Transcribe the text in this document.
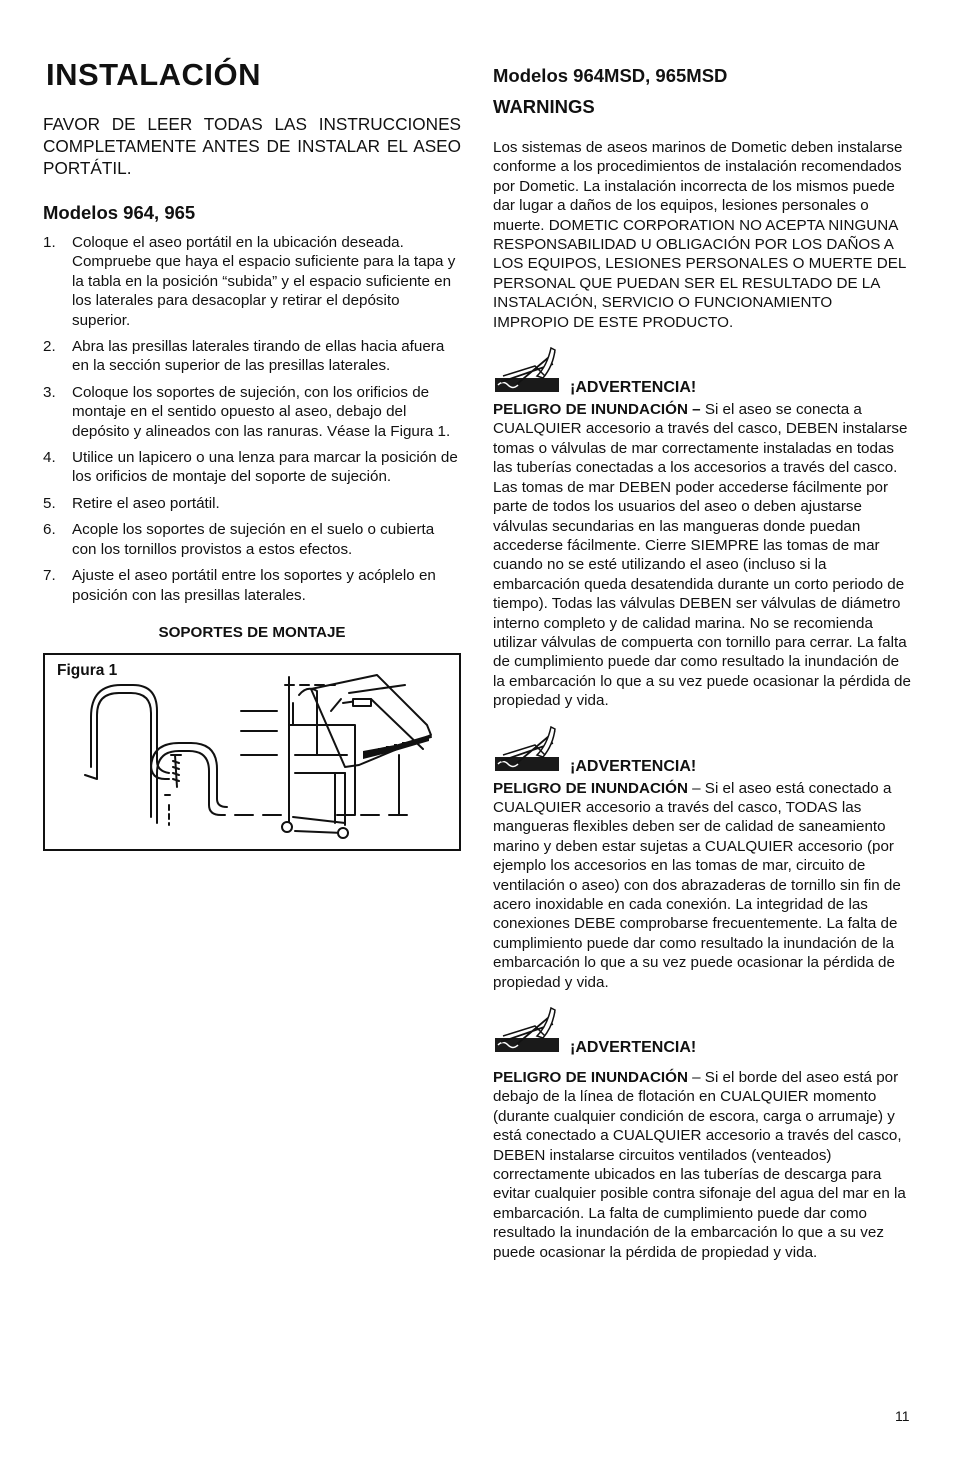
INSTALACIÓN

FAVOR DE LEER TODAS LAS INSTRUCCIONES COMPLETAMENTE ANTES DE INSTALAR EL ASEO PORTÁTIL.

Modelos 964, 965
1. Coloque el aseo portátil en la ubicación deseada. Compruebe que haya el espacio suficiente para la tapa y la tabla en la posición “subida” y el espacio suficiente en los laterales para desacoplar y retirar el depósito superior.
2. Abra las presillas laterales tirando de ellas hacia afuera en la sección superior de las presillas laterales.
3. Coloque los soportes de sujeción, con los orificios de montaje en el sentido opuesto al aseo, debajo del depósito y alineados con las ranuras. Véase la Figura 1.
4. Utilice un lapicero o una lenza para marcar la posición de los orificios de montaje del soporte de sujeción.
5. Retire el aseo portátil.
6. Acople los soportes de sujeción en el suelo o cubierta con los tornillos provistos a estos efectos.
7. Ajuste el aseo portátil entre los soportes y acóplelo en posición con las presillas laterales.
SOPORTES DE MONTAJE
Figura 1
Modelos 964MSD, 965MSD
WARNINGS

Los sistemas de aseos marinos de Dometic deben instalarse conforme a los procedimientos de instalación recomendados por Dometic. La instalación incorrecta de los mismos puede dar lugar a daños de los equipos, lesiones personales o muerte. DOMETIC CORPORATION NO ACEPTA NINGUNA RESPONSABILIDAD U OBLIGACIÓN POR LOS DAÑOS A LOS EQUIPOS, LESIONES PERSONALES O MUERTE DEL PERSONAL QUE PUEDAN SER EL RESULTADO DE LA INSTALACIÓN, SERVICIO O FUNCIONAMIENTO IMPROPIO DE ESTE PRODUCTO.

¡ADVERTENCIA!

PELIGRO DE INUNDACIÓN – Si el aseo se conecta a CUALQUIER accesorio a través del casco, DEBEN instalarse tomas o válvulas de mar correctamente instaladas en todas las tuberías conectadas a los accesorios a través del casco. Las tomas de mar DEBEN poder accederse fácilmente por parte de todos los usuarios del aseo o deben ajustarse válvulas secundarias en las mangueras donde puedan accederse fácilmente. Cierre SIEMPRE las tomas de mar cuando no se esté utilizando el aseo (incluso si la embarcación queda desatendida durante un corto periodo de tiempo). Todas las válvulas DEBEN ser válvulas de diámetro interno completo y de calidad marina. No se recomienda utilizar válvulas de compuerta con tornillo para cerrar. La falta de cumplimiento puede dar como resultado la inundación de la embarcación lo que a su vez puede ocasionar la pérdida de propiedad y vida.

¡ADVERTENCIA!

PELIGRO DE INUNDACIÓN – Si el aseo está conectado a CUALQUIER accesorio a través del casco, TODAS las mangueras flexibles deben ser de calidad de saneamiento marino y deben estar sujetas a CUALQUIER accesorio (por ejemplo los accesorios en las tomas de mar, circuito de ventilación o aseo) con dos abrazaderas de tornillo sin fin de acero inoxidable en cada conexión. La integridad de las conexiones DEBE comprobarse frecuentemente. La falta de cumplimiento puede dar como resultado la inundación de la embarcación lo que a su vez puede ocasionar la pérdida de propiedad y vida.

¡ADVERTENCIA!

PELIGRO DE INUNDACIÓN – Si el borde del aseo está por debajo de la línea de flotación en CUALQUIER momento (durante cualquier condición de escora, carga o arrumaje) y está conectado a CUALQUIER accesorio a través del casco, DEBEN instalarse circuitos ventilados (venteados) correctamente ubicados en las tuberías de descarga para evitar cualquier posible contra sifonaje del agua del mar en la embarcación. La falta de cumplimiento puede dar como resultado la inundación de la embarcación lo que a su vez puede ocasionar la pérdida de propiedad y vida.

11
